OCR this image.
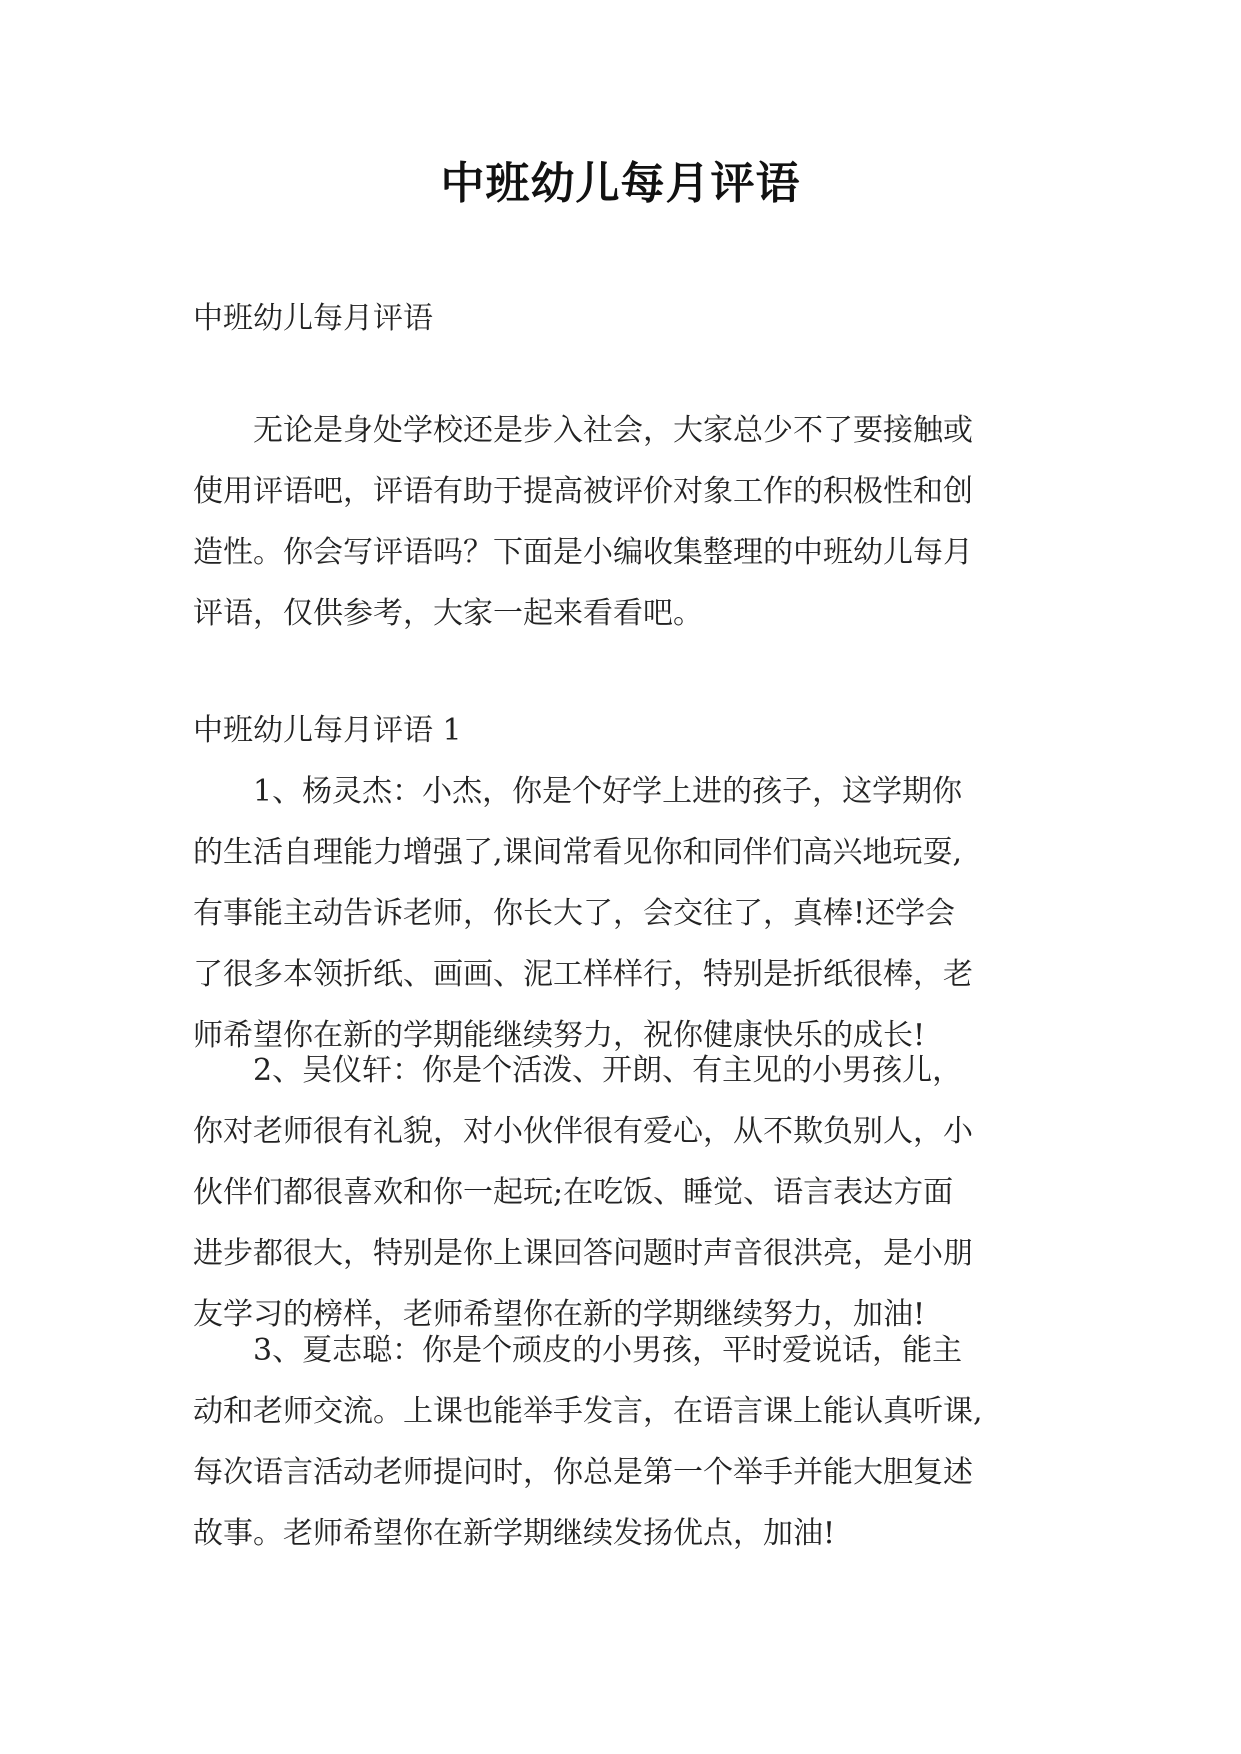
中班幼儿每月评语
中班幼儿每月评语
无论是身处学校还是步入社会，大家总少不了要接触或
使用评语吧，评语有助于提高被评价对象工作的积极性和创
造性。你会写评语吗？下面是小编收集整理的中班幼儿每月
评语，仅供参考，大家一起来看看吧。
中班幼儿每月评语 1
1、杨灵杰：小杰，你是个好学上进的孩子，这学期你
的生活自理能力增强了,课间常看见你和同伴们高兴地玩耍,
有事能主动告诉老师，你长大了，会交往了，真棒!还学会
了很多本领折纸、画画、泥工样样行，特别是折纸很棒，老
师希望你在新的学期能继续努力，祝你健康快乐的成长!
2、吴仪轩：你是个活泼、开朗、有主见的小男孩儿，
你对老师很有礼貌，对小伙伴很有爱心，从不欺负别人，小
伙伴们都很喜欢和你一起玩;在吃饭、睡觉、语言表达方面
进步都很大，特别是你上课回答问题时声音很洪亮，是小朋
友学习的榜样，老师希望你在新的学期继续努力，加油!
3、夏志聪：你是个顽皮的小男孩，平时爱说话，能主
动和老师交流。上课也能举手发言，在语言课上能认真听课,
每次语言活动老师提问时，你总是第一个举手并能大胆复述
故事。老师希望你在新学期继续发扬优点，加油!
